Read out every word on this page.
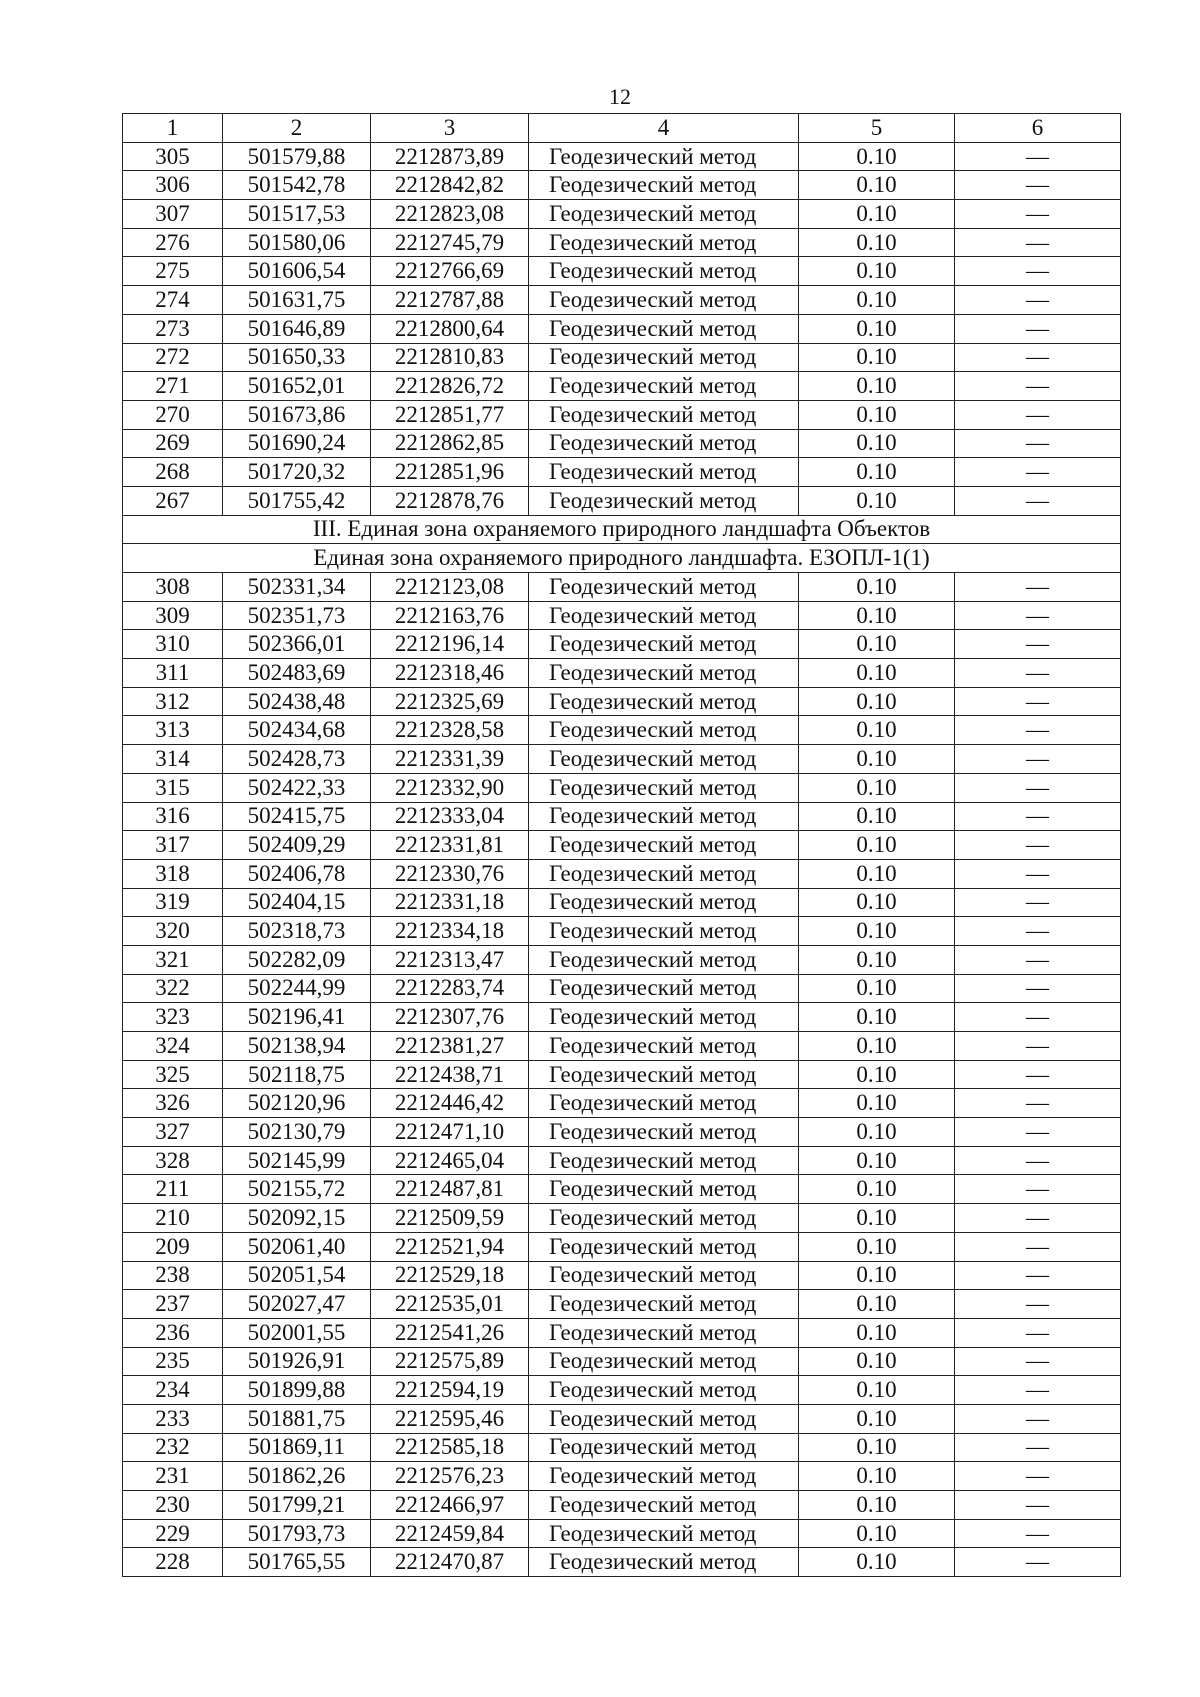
12
1	2	3	4	5	6
305	501579,88	2212873,89	Геодезический метод	0.10	—
306	501542,78	2212842,82	Геодезический метод	0.10	—
307	501517,53	2212823,08	Геодезический метод	0.10	—
276	501580,06	2212745,79	Геодезический метод	0.10	—
275	501606,54	2212766,69	Геодезический метод	0.10	—
274	501631,75	2212787,88	Геодезический метод	0.10	—
273	501646,89	2212800,64	Геодезический метод	0.10	—
272	501650,33	2212810,83	Геодезический метод	0.10	—
271	501652,01	2212826,72	Геодезический метод	0.10	—
270	501673,86	2212851,77	Геодезический метод	0.10	—
269	501690,24	2212862,85	Геодезический метод	0.10	—
268	501720,32	2212851,96	Геодезический метод	0.10	—
267	501755,42	2212878,76	Геодезический метод	0.10	—
III. Единая зона охраняемого природного ландшафта Объектов					
Единая зона охраняемого природного ландшафта. ЕЗОПЛ-1(1)					
308	502331,34	2212123,08	Геодезический метод	0.10	—
309	502351,73	2212163,76	Геодезический метод	0.10	—
310	502366,01	2212196,14	Геодезический метод	0.10	—
311	502483,69	2212318,46	Геодезический метод	0.10	—
312	502438,48	2212325,69	Геодезический метод	0.10	—
313	502434,68	2212328,58	Геодезический метод	0.10	—
314	502428,73	2212331,39	Геодезический метод	0.10	—
315	502422,33	2212332,90	Геодезический метод	0.10	—
316	502415,75	2212333,04	Геодезический метод	0.10	—
317	502409,29	2212331,81	Геодезический метод	0.10	—
318	502406,78	2212330,76	Геодезический метод	0.10	—
319	502404,15	2212331,18	Геодезический метод	0.10	—
320	502318,73	2212334,18	Геодезический метод	0.10	—
321	502282,09	2212313,47	Геодезический метод	0.10	—
322	502244,99	2212283,74	Геодезический метод	0.10	—
323	502196,41	2212307,76	Геодезический метод	0.10	—
324	502138,94	2212381,27	Геодезический метод	0.10	—
325	502118,75	2212438,71	Геодезический метод	0.10	—
326	502120,96	2212446,42	Геодезический метод	0.10	—
327	502130,79	2212471,10	Геодезический метод	0.10	—
328	502145,99	2212465,04	Геодезический метод	0.10	—
211	502155,72	2212487,81	Геодезический метод	0.10	—
210	502092,15	2212509,59	Геодезический метод	0.10	—
209	502061,40	2212521,94	Геодезический метод	0.10	—
238	502051,54	2212529,18	Геодезический метод	0.10	—
237	502027,47	2212535,01	Геодезический метод	0.10	—
236	502001,55	2212541,26	Геодезический метод	0.10	—
235	501926,91	2212575,89	Геодезический метод	0.10	—
234	501899,88	2212594,19	Геодезический метод	0.10	—
233	501881,75	2212595,46	Геодезический метод	0.10	—
232	501869,11	2212585,18	Геодезический метод	0.10	—
231	501862,26	2212576,23	Геодезический метод	0.10	—
230	501799,21	2212466,97	Геодезический метод	0.10	—
229	501793,73	2212459,84	Геодезический метод	0.10	—
228	501765,55	2212470,87	Геодезический метод	0.10	—
